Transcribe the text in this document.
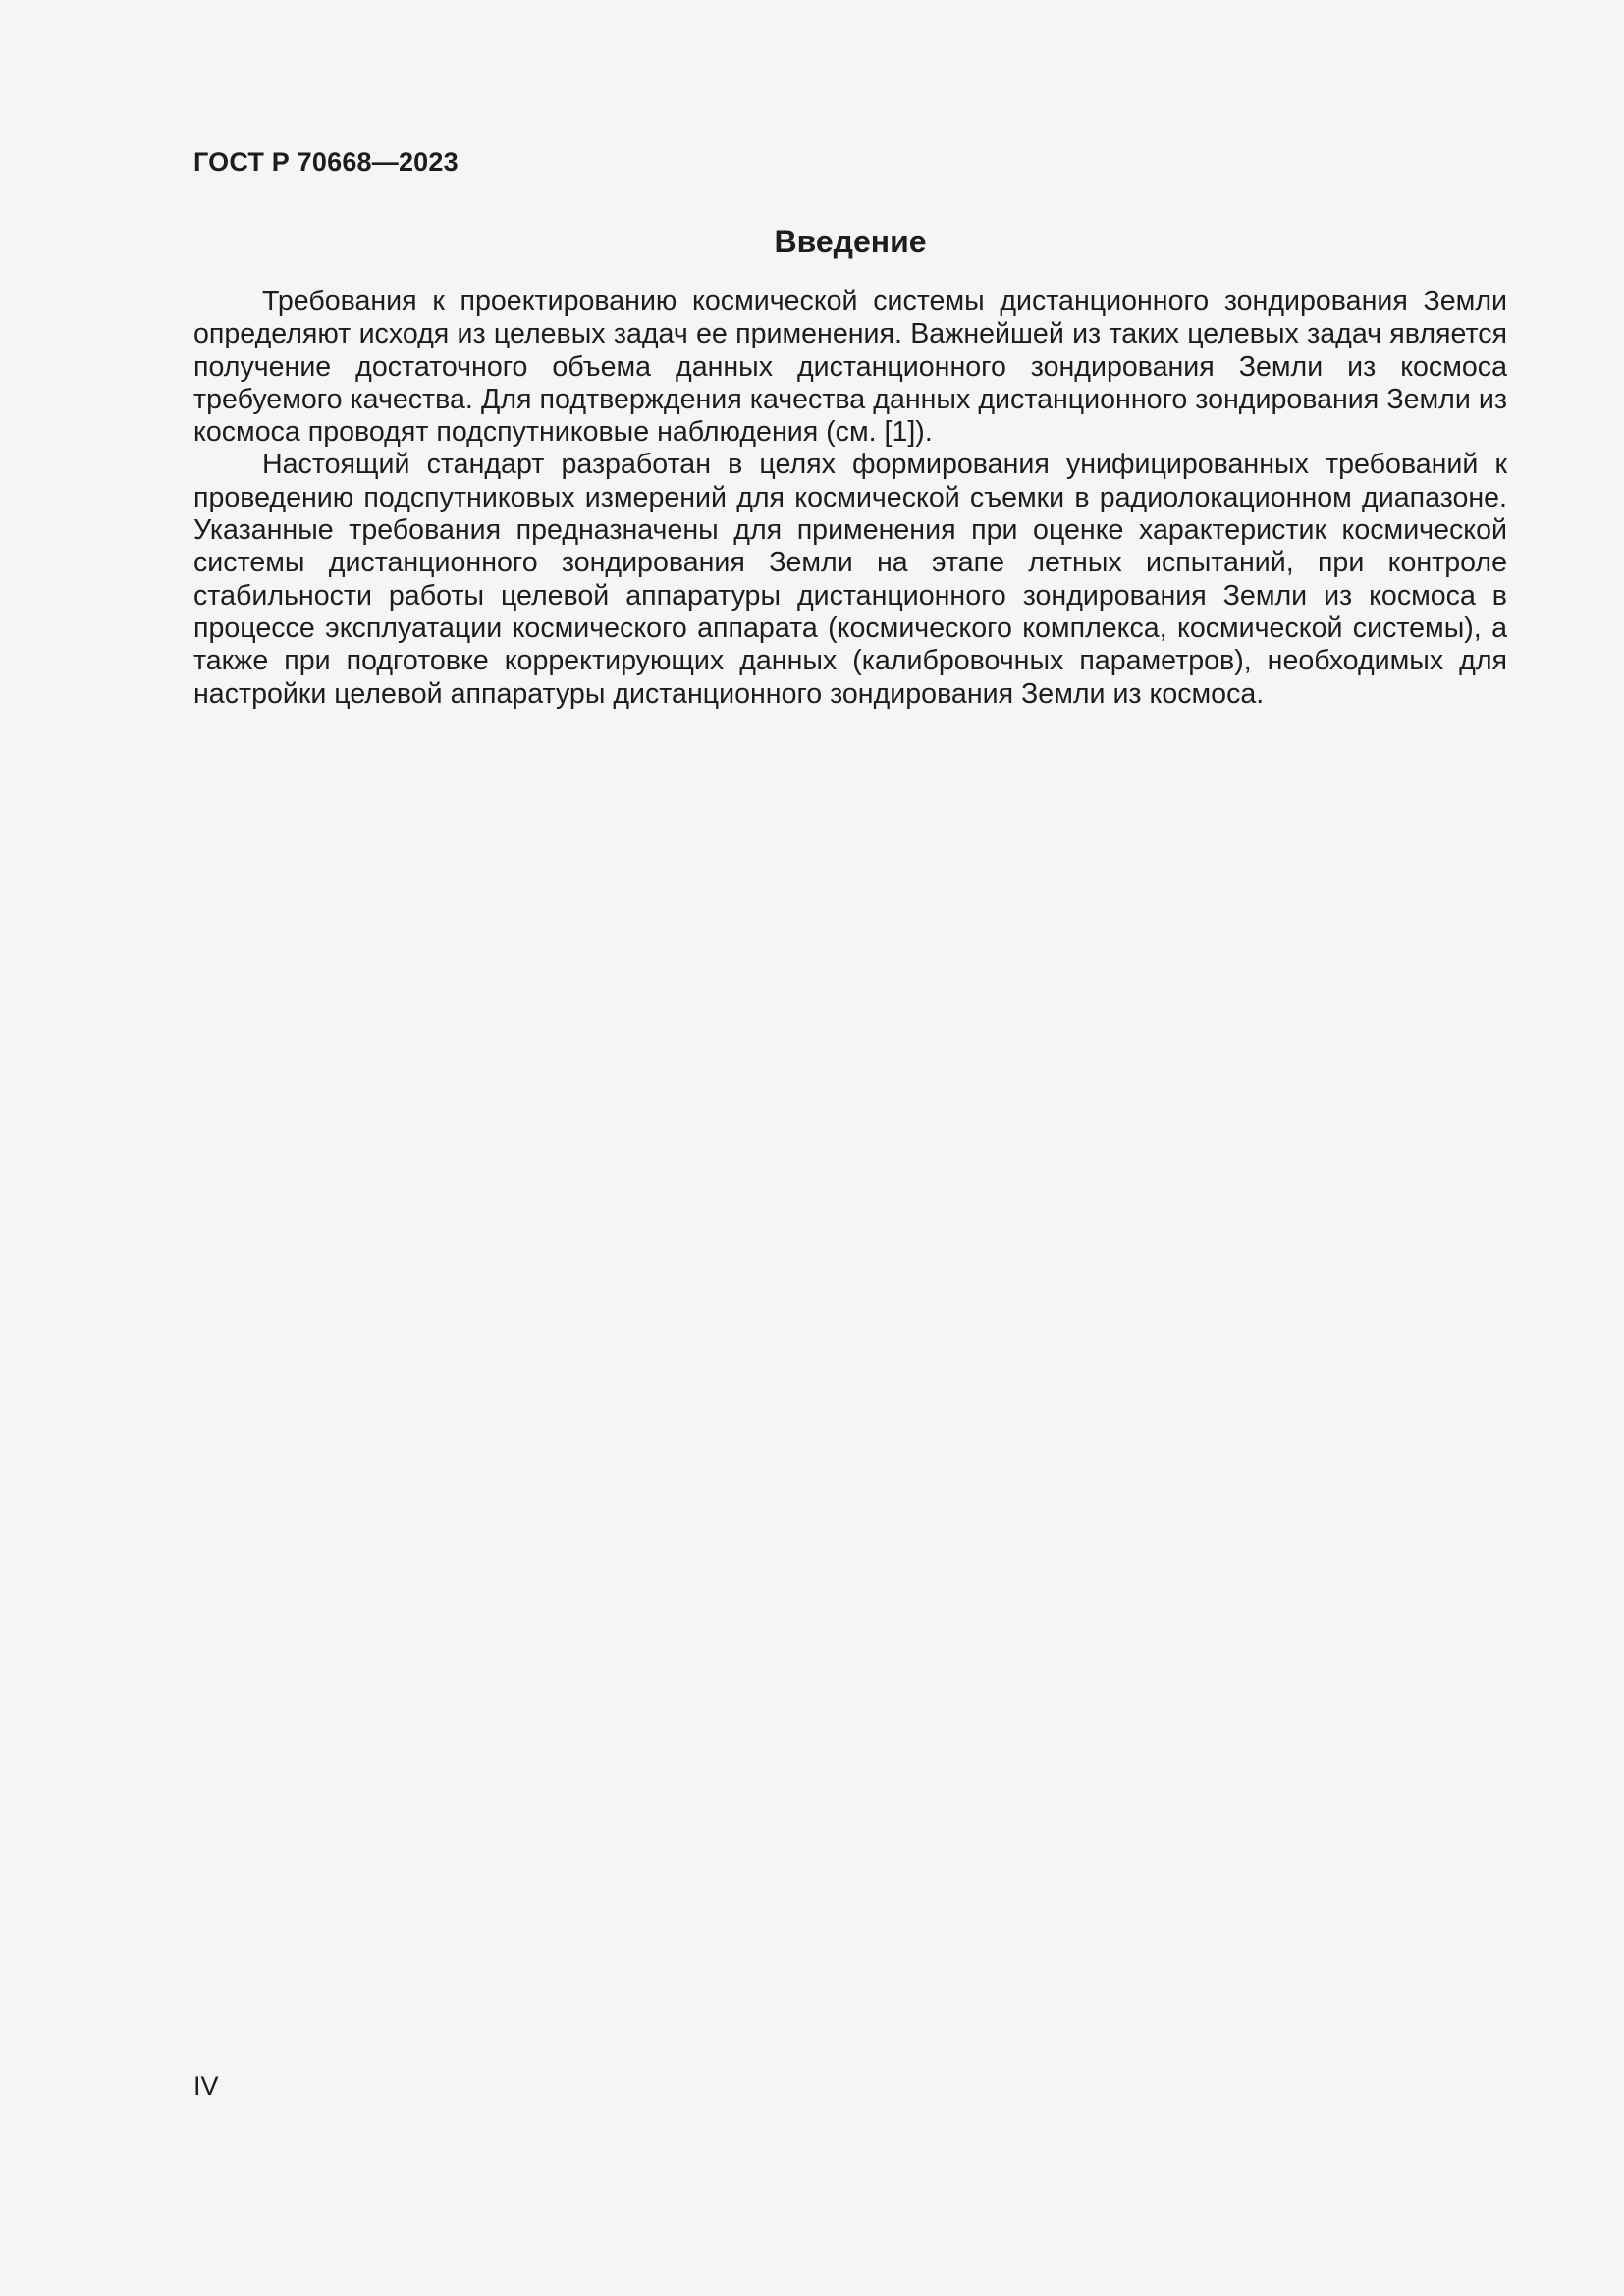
ГОСТ Р 70668—2023
Введение

Требования к проектированию космической системы дистанционного зондирования Земли определяют исходя из целевых задач ее применения. Важнейшей из таких целевых задач является получение достаточного объема данных дистанционного зондирования Земли из космоса требуемого качества. Для подтверждения качества данных дистанционного зондирования Земли из космоса проводят подспутниковые наблюдения (см. [1]).

Настоящий стандарт разработан в целях формирования унифицированных требований к проведению подспутниковых измерений для космической съемки в радиолокационном диапазоне. Указанные требования предназначены для применения при оценке характеристик космической системы дистанционного зондирования Земли на этапе летных испытаний, при контроле стабильности работы целевой аппаратуры дистанционного зондирования Земли из космоса в процессе эксплуатации космического аппарата (космического комплекса, космической системы), а также при подготовке корректирующих данных (калибровочных параметров), необходимых для настройки целевой аппаратуры дистанционного зондирования Земли из космоса.

IV
